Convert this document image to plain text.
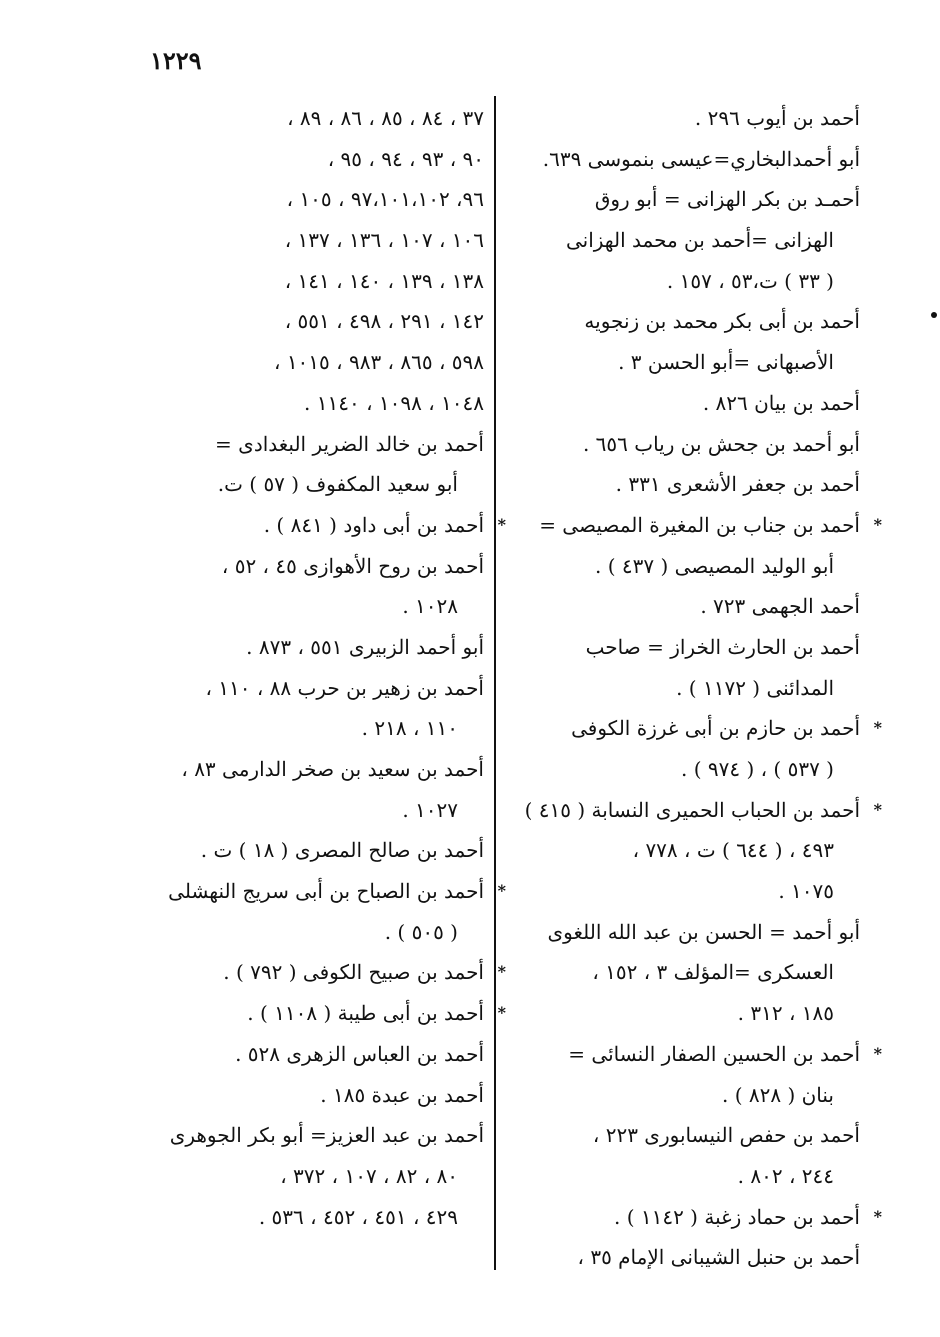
١٢٢٩
أحمد بن أيوب ٢٩٦ .
أبو أحمدالبخاري=عيسى بنموسى ٦٣٩.
أحمـد بن بكر الهزانى = أبو روق
الهزانى =أحمد بن محمد الهزانى
( ٣٣ ) ت،٥٣ ، ١٥٧ .
أحمد بن أبى بكر محمد بن زنجويه
الأصبهانى =أبو الحسن ٣ .
أحمد بن بيان ٨٢٦ .
أبو أحمد بن جحش بن رياب ٦٥٦ .
أحمد بن جعفر الأشعرى ٣٣١ .
*
أحمد بن جناب بن المغيرة المصيصى =
أبو الوليد المصيصى ( ٤٣٧ ) .
أحمد الجهمى ٧٢٣ .
أحمد بن الحارث الخراز = صاحب
المدائنى ( ١١٧٢ ) .
*
أحمد بن حازم بن أبى غرزة الكوفى
( ٥٣٧ ) ، ( ٩٧٤ ) .
*
أحمد بن الحباب الحميرى النسابة ( ٤١٥ )
٤٩٣ ، ( ٦٤٤ ) ت ، ٧٧٨ ،
١٠٧٥ .
أبو أحمد = الحسن بن عبد الله اللغوى
العسكرى =المؤلف ٣ ، ١٥٢ ،
١٨٥ ، ٣١٢ .
*
أحمد بن الحسين الصفار النسائى =
بنان ( ٨٢٨ ) .
أحمد بن حفص النيسابورى ٢٢٣ ،
٢٤٤ ، ٨٠٢ .
*
أحمد بن حماد زغبة ( ١١٤٢ ) .
أحمد بن حنبل الشيبانى الإمام ٣٥ ،
٣٧ ، ٨٤ ، ٨٥ ، ٨٦ ، ٨٩ ،
٩٠ ، ٩٣ ، ٩٤ ، ٩٥ ،
٩٦، ٩٧،١٠١،١٠٢ ، ١٠٥ ،
١٠٦ ، ١٠٧ ، ١٣٦ ، ١٣٧ ،
١٣٨ ، ١٣٩ ، ١٤٠ ، ١٤١ ،
١٤٢ ، ٢٩١ ، ٤٩٨ ، ٥٥١ ،
٥٩٨ ، ٨٦٥ ، ٩٨٣ ، ١٠١٥ ،
١٠٤٨ ، ١٠٩٨ ، ١١٤٠ .
أحمد بن خالد الضرير البغدادى =
أبو سعيد المكفوف ( ٥٧ ) ت.
*
أحمد بن أبى داود ( ٨٤١ ) .
أحمد بن روح الأهوازى ٤٥ ، ٥٢ ،
١٠٢٨ .
أبو أحمد الزبيرى ٥٥١ ، ٨٧٣ .
أحمد بن زهير بن حرب ٨٨ ، ١١٠ ،
١١٠ ، ٢١٨ .
أحمد بن سعيد بن صخر الدارمى ٨٣ ،
١٠٢٧ .
أحمد بن صالح المصرى ( ١٨ ) ت .
*
أحمد بن الصباح بن أبى سريج النهشلى
( ٥٠٥ ) .
*
أحمد بن صبيح الكوفى ( ٧٩٢ ) .
*
أحمد بن أبى طيبة ( ١١٠٨ ) .
أحمد بن العباس الزهرى ٥٢٨ .
أحمد بن عبدة ١٨٥ .
أحمد بن عبد العزيز= أبو بكر الجوهرى
٨٠ ، ٨٢ ، ١٠٧ ، ٣٧٢ ،
٤٢٩ ، ٤٥١ ، ٤٥٢ ، ٥٣٦ .
